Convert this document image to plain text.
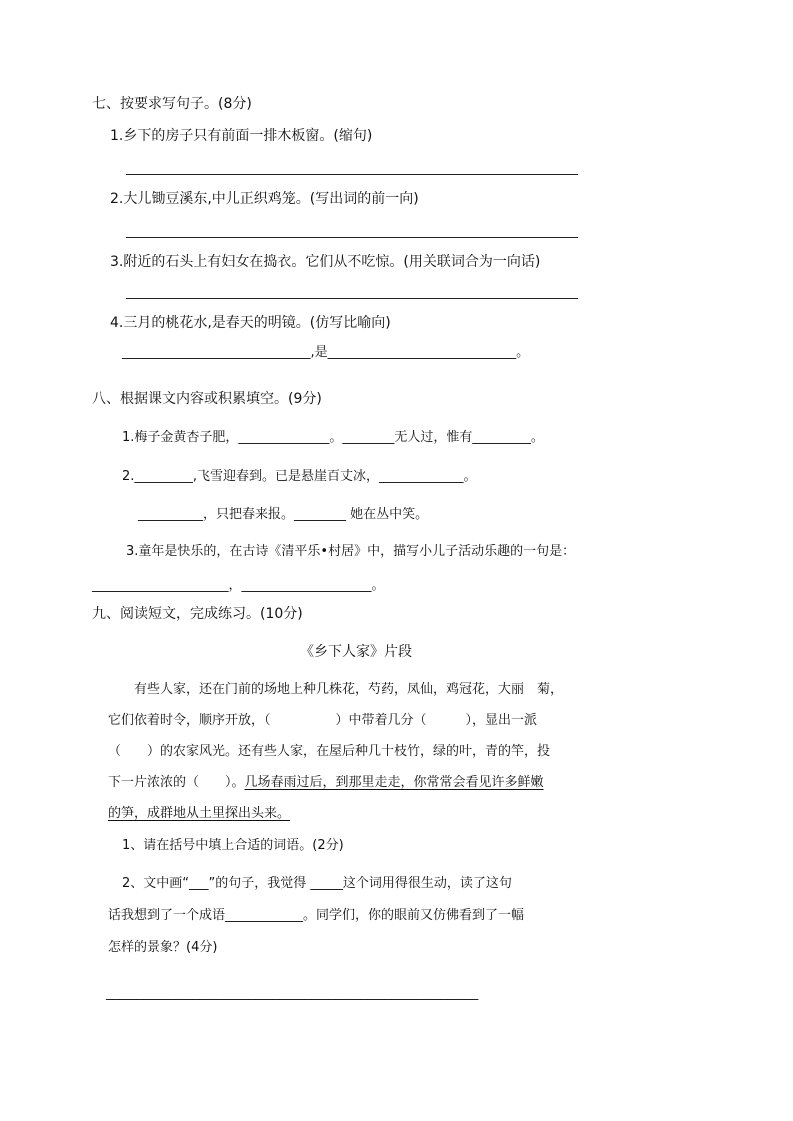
七、按要求写句子。(8分)
1.乡下的房子只有前面一排木板窗。(缩句)
2.大儿锄豆溪东,中儿正织鸡笼。(写出词的前一向)
3.附近的石头上有妇女在捣衣。它们从不吃惊。(用关联词合为一向话)
4.三月的桃花水,是春天的明镜。(仿写比喻向)
_____________________________,是_____________________________。
八、根据课文内容或积累填空。(9分)
1.梅子金黄杏子肥，______________。________无人过，惟有_________。
2._________,飞雪迎春到。已是悬崖百丈冰，_____________。
__________，只把春来报。________ 她在丛中笑。
3.童年是快乐的，在古诗《清平乐•村居》中，描写小儿子活动乐趣的一句是：
_____________________，____________________。
九、阅读短文，完成练习。(10分)
《乡下人家》片段
有些人家，还在门前的场地上种几株花，芍药，凤仙，鸡冠花，大丽　菊，
它们依着时令，顺序开放，（　　　　　）中带着几分（　　　），显出一派
（　　）的农家风光。还有些人家，在屋后种几十枝竹，绿的叶，青的竿，投
下一片浓浓的（　　）。几场春雨过后，到那里走走，你常常会看见许多鲜嫩
的笋，成群地从土里探出头来。
1、请在括号中填上合适的词语。(2分)
2、文中画“___”的句子，我觉得 _____这个词用得很生动，读了这句
话我想到了一个成语____________。同学们，你的眼前又仿佛看到了一幅
怎样的景象？(4分)
____________________________________________________________
